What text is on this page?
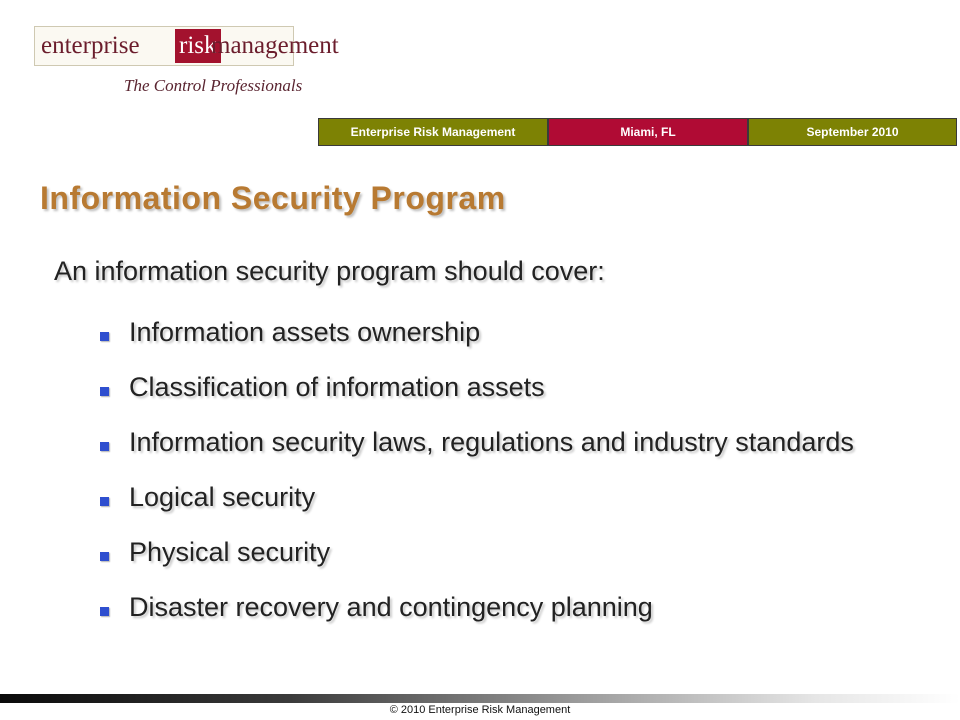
enterprise risk
management
The Control Professionals
Enterprise Risk Management	Miami, FL	September 2010
Information Security Program

An information security program should cover:

Information assets ownership
Classification of information assets
Information security laws, regulations and industry standards
Logical security
Physical security
Disaster recovery and contingency planning
© 2010 Enterprise Risk Management
